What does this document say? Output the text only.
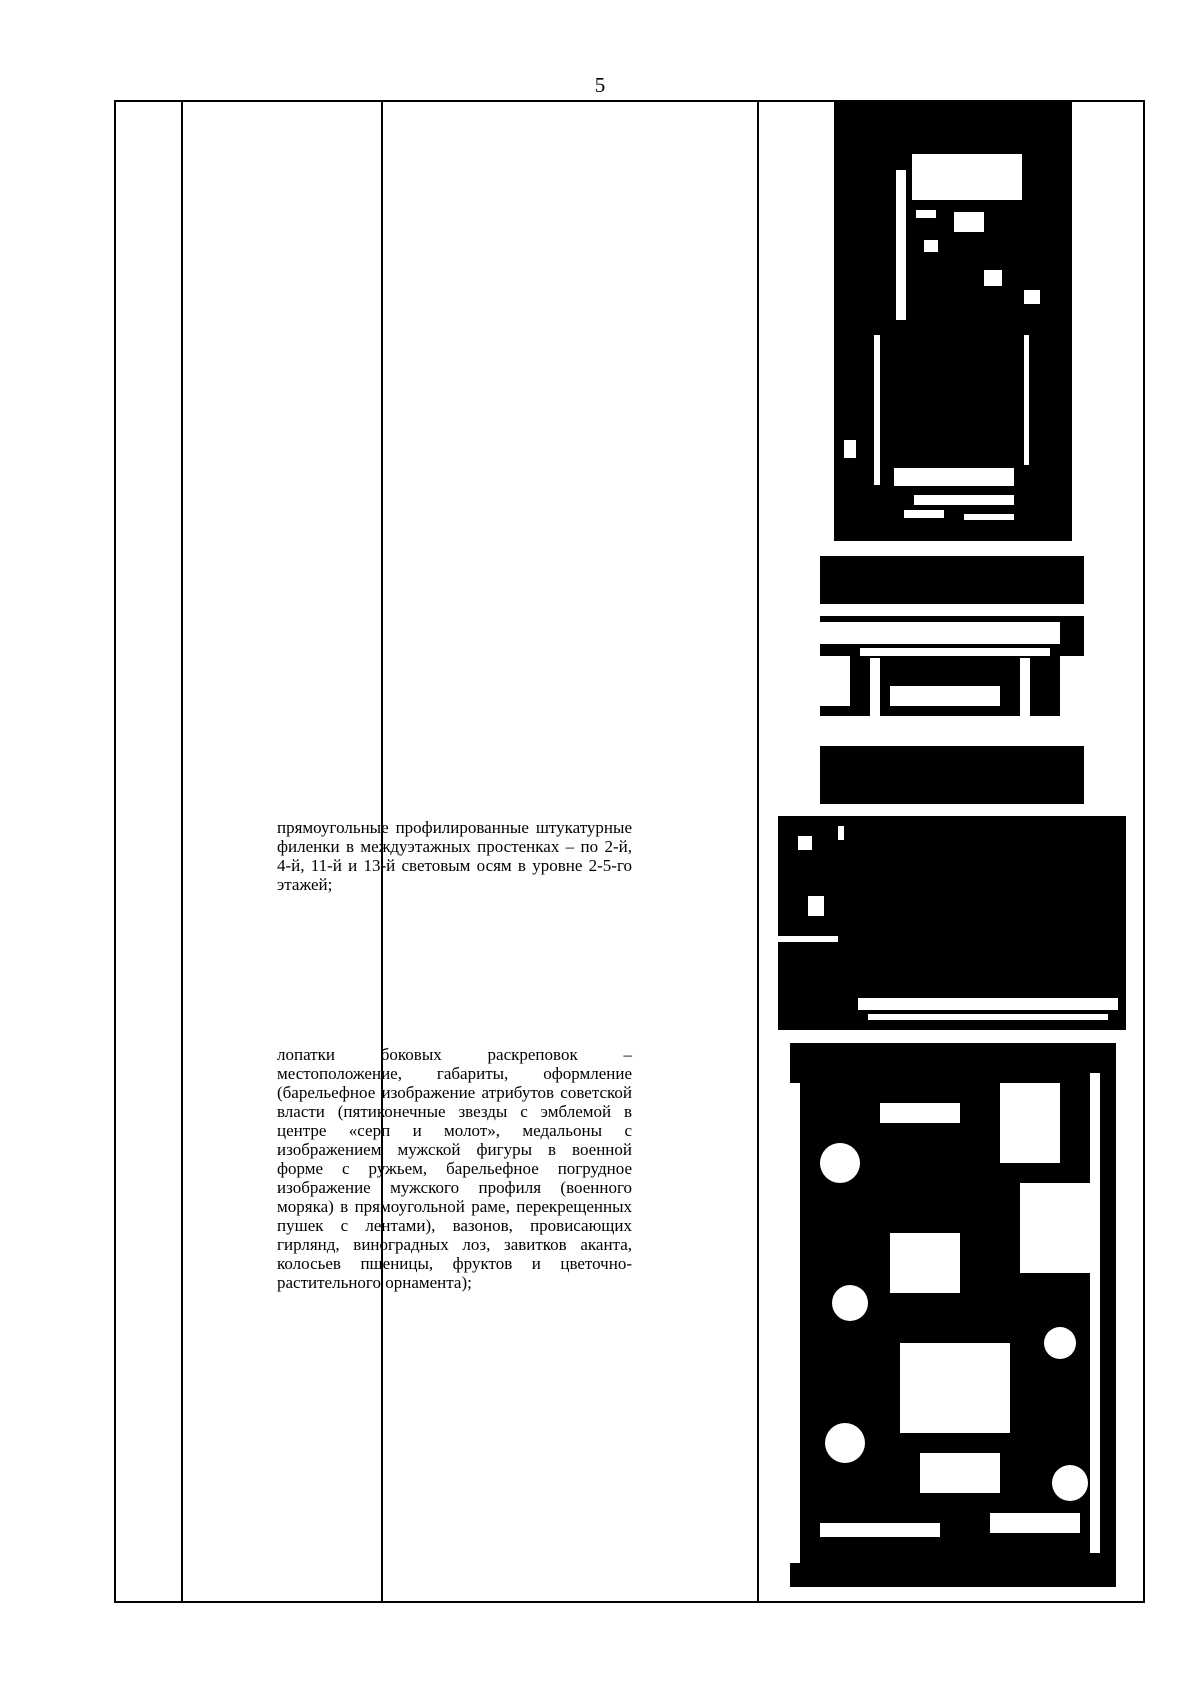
5
прямоугольные профилированные штукатурные филенки в междуэтажных простенках – по 2-й, 4-й, 11-й и 13-й световым осям в уровне 2-5-го этажей;
лопатки боковых раскреповок – местоположение, габариты, оформление (барельефное изображение атрибутов советской власти (пятиконечные звезды с эмблемой в центре «серп и молот», медальоны с изображением мужской фигуры в военной форме с ружьем, барельефное погрудное изображение мужского профиля (военного моряка) в прямоугольной раме, перекрещенных пушек с лентами), вазонов, провисающих гирлянд, виноградных лоз, завитков аканта, колосьев пшеницы, фруктов и цветочно-растительного орнамента);
